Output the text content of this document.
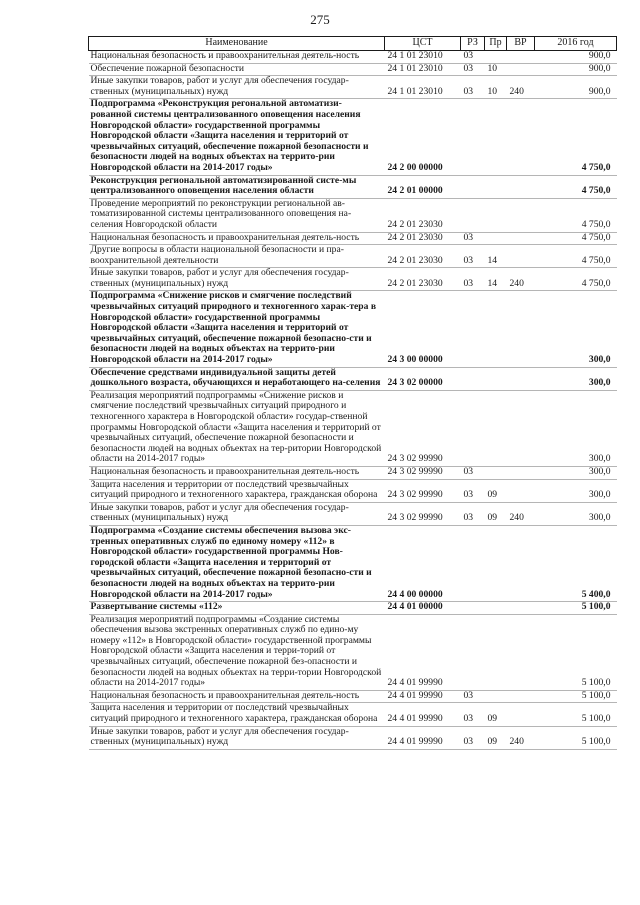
275
Наименование	ЦСТ	РЗ	Пр	ВР	2016 год
Национальная безопасность и правоохранительная деятель-ность	24 1 01 23010	03			900,0
Обеспечение пожарной безопасности	24 1 01 23010	03	10		900,0
Иные закупки товаров, работ и услуг для обеспечения государ-ственных (муниципальных) нужд	24 1 01 23010	03	10	240	900,0
Подпрограмма «Реконструкция регональной автоматизи-рованной системы централизованного оповещения населения Новгородской области» государственной программы Новгородской области «Защита населения и территорий от чрезвычайных ситуаций, обеспечение пожарной безопасности и безопасности людей на водных объектах на террито-рии Новгородской области на 2014-2017 годы»	24 2 00 00000				4 750,0
Реконструкция региональной автоматизированной систе-мы централизованного оповещения населения области	24 2 01 00000				4 750,0
Проведение мероприятий по реконструкции региональной ав-томатизированной системы централизованного оповещения на-селения Новгородской области	24 2 01 23030				4 750,0
Национальная безопасность и правоохранительная деятель-ность	24 2 01 23030	03			4 750,0
Другие вопросы в области национальной безопасности и пра-воохранительной деятельности	24 2 01 23030	03	14		4 750,0
Иные закупки товаров, работ и услуг для обеспечения государ-ственных (муниципальных) нужд	24 2 01 23030	03	14	240	4 750,0
Подпрограмма «Снижение рисков и смягчение последствий чрезвычайных ситуаций природного и техногенного харак-тера в Новгородской области» государственной программы Новгородской области «Защита населения и территорий от чрезвычайных ситуаций, обеспечение пожарной безопасно-сти и безопасности людей на водных объектах на террито-рии Новгородской области на 2014-2017 годы»	24 3 00 00000				300,0
Обеспечение средствами индивидуальной защиты детей дошкольного возраста, обучающихся и неработающего на-селения	24 3 02 00000				300,0
Реализация мероприятий подпрограммы «Снижение рисков и смягчение последствий чрезвычайных ситуаций природного и техногенного характера в Новгородской области» государ-ственной программы Новгородской области «Защита населения и территорий от чрезвычайных ситуаций, обеспечение пожарной безопасности и безопасности людей на водных объектах на тер-ритории Новгородской области на 2014-2017 годы»	24 3 02 99990				300,0
Национальная безопасность и правоохранительная деятель-ность	24 3 02 99990	03			300,0
Защита населения и территории от последствий чрезвычайных ситуаций природного и техногенного характера, гражданская оборона	24 3 02 99990	03	09		300,0
Иные закупки товаров, работ и услуг для обеспечения государ-ственных (муниципальных) нужд	24 3 02 99990	03	09	240	300,0
Подпрограмма «Создание системы обеспечения вызова экс-тренных оперативных служб по единому номеру «112» в Новгородской области» государственной программы Нов-городской области «Защита населения и территорий от чрезвычайных ситуаций, обеспечение пожарной безопасно-сти и безопасности людей на водных объектах на террито-рии Новгородской области на 2014-2017 годы»	24 4 00 00000				5 400,0
Развертывание системы «112»	24 4 01 00000				5 100,0
Реализация мероприятий подпрограммы «Создание системы обеспечения вызова экстренных оперативных служб по едино-му номеру «112» в Новгородской области» государственной программы Новгородской области «Защита населения и терри-торий от чрезвычайных ситуаций, обеспечение пожарной без-опасности и безопасности людей на водных объектах на терри-тории Новгородской области на 2014-2017 годы»	24 4 01 99990				5 100,0
Национальная безопасность и правоохранительная деятель-ность	24 4 01 99990	03			5 100,0
Защита населения и территории от последствий чрезвычайных ситуаций природного и техногенного характера, гражданская оборона	24 4 01 99990	03	09		5 100,0
Иные закупки товаров, работ и услуг для обеспечения государ-ственных (муниципальных) нужд	24 4 01 99990	03	09	240	5 100,0
